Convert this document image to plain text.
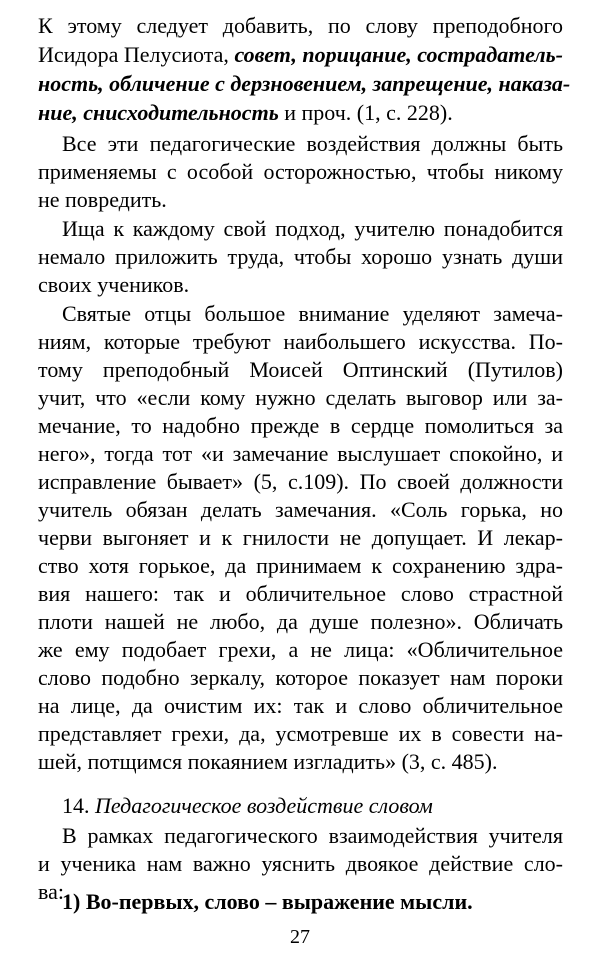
К этому следует добавить, по слову преподобного
Исидора Пелусиота, совет, порицание, сострадатель-
ность, обличение с дерзновением, запрещение, наказа-
ние, снисходительность и проч. (1, с. 228).
Все эти педагогические воздействия должны быть
применяемы с особой осторожностью, чтобы никому
не повредить.
Ища к каждому свой подход, учителю понадобится
немало приложить труда, чтобы хорошо узнать души
своих учеников.
Святые отцы большое внимание уделяют замеча-
ниям, которые требуют наибольшего искусства. По-
тому преподобный Моисей Оптинский (Путилов)
учит, что «если кому нужно сделать выговор или за-
мечание, то надобно прежде в сердце помолиться за
него», тогда тот «и замечание выслушает спокойно, и
исправление бывает» (5, с.109). По своей должности
учитель обязан делать замечания. «Соль горька, но
черви выгоняет и к гнилости не допущает. И лекар-
ство хотя горькое, да принимаем к сохранению здра-
вия нашего: так и обличительное слово страстной
плоти нашей не любо, да душе полезно». Обличать
же ему подобает грехи, а не лица: «Обличительное
слово подобно зеркалу, которое показует нам пороки
на лице, да очистим их: так и слово обличительное
представляет грехи, да, усмотревше их в совести на-
шей, потщимся покаянием изгладить» (3, с. 485).
14. Педагогическое воздействие словом
В рамках педагогического взаимодействия учителя
и ученика нам важно уяснить двоякое действие сло-
ва:
1) Во-первых, слово – выражение мысли.
27
